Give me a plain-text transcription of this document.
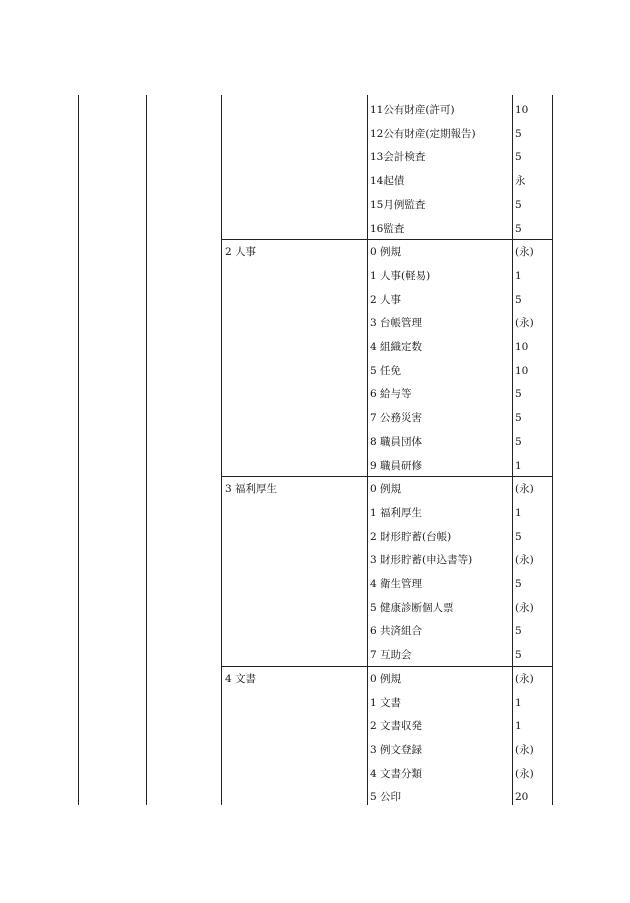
11公有財産(許可)	10
12公有財産(定期報告)	5
13会計検査	5
14起債	永
15月例監査	5
16監査	5
2 人事	0 例規	(永)
1 人事(軽易)	1
2 人事	5
3 台帳管理	(永)
4 組織定数	10
5 任免	10
6 給与等	5
7 公務災害	5
8 職員団体	5
9 職員研修	1
3 福利厚生	0 例規	(永)
1 福利厚生	1
2 財形貯蓄(台帳)	5
3 財形貯蓄(申込書等)	(永)
4 衛生管理	5
5 健康診断個人票	(永)
6 共済組合	5
7 互助会	5
4 文書	0 例規	(永)
1 文書	1
2 文書収発	1
3 例文登録	(永)
4 文書分類	(永)
5 公印	20
